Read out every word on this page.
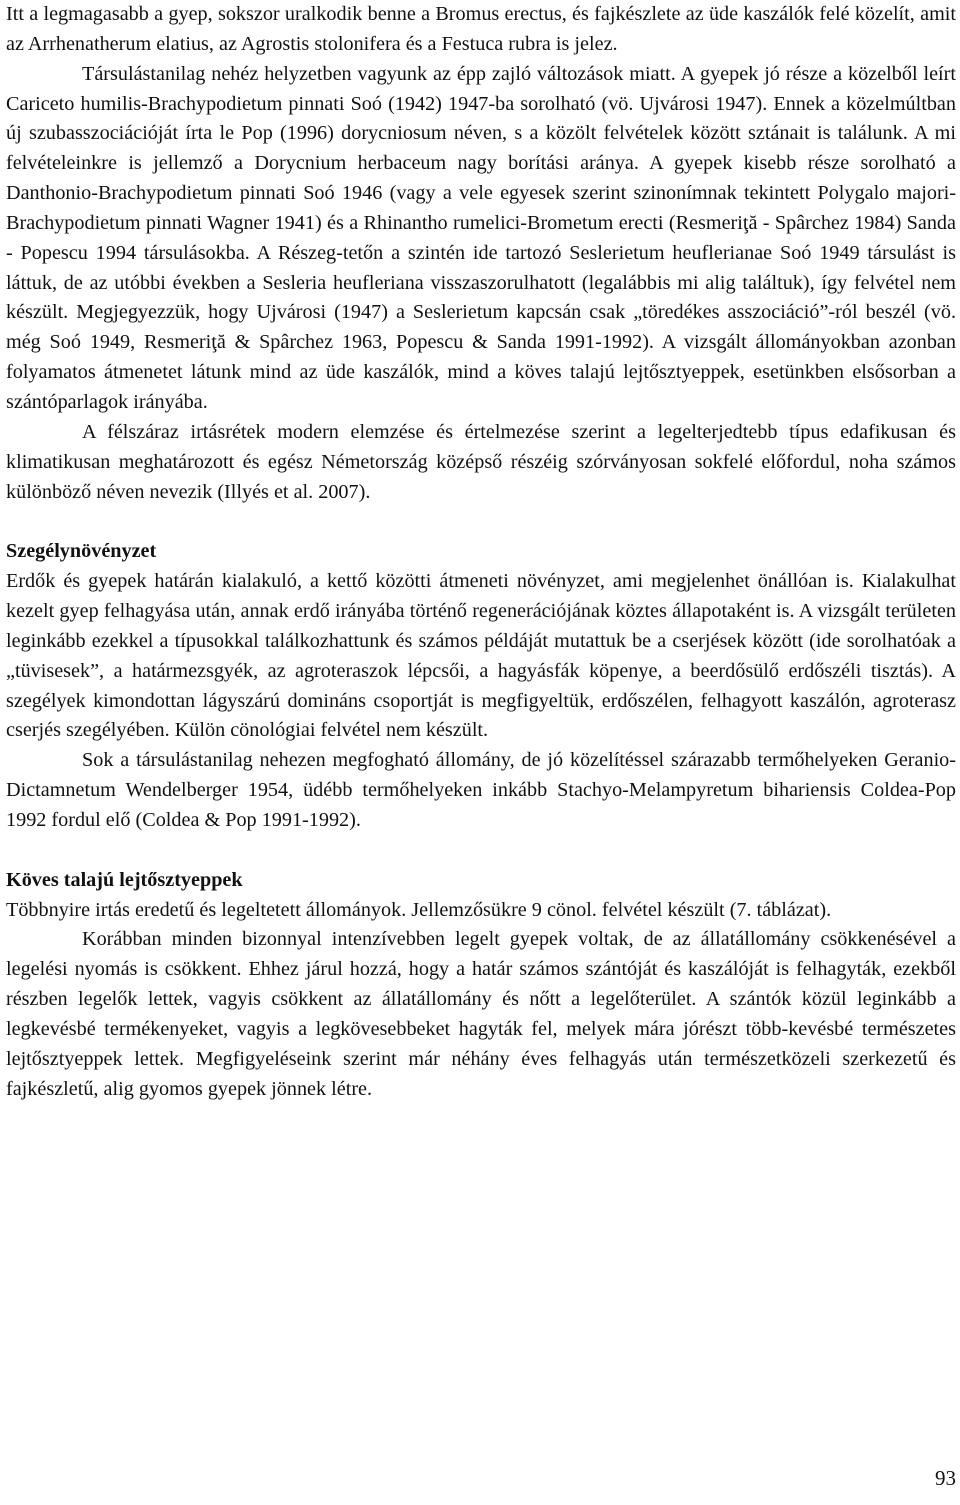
Itt a legmagasabb a gyep, sokszor uralkodik benne a Bromus erectus, és fajkészlete az üde kaszálók felé közelít, amit az Arrhenatherum elatius, az Agrostis stolonifera és a Festuca rubra is jelez.

Társulástanilag nehéz helyzetben vagyunk az épp zajló változások miatt. A gyepek jó része a közelből leírt Cariceto humilis-Brachypodietum pinnati Soó (1942) 1947-ba sorolható (vö. Ujvárosi 1947). Ennek a közelmúltban új szubasszociációját írta le Pop (1996) dorycniosum néven, s a közölt felvételek között sztánait is találunk. A mi felvételeinkre is jellemző a Dorycnium herbaceum nagy borítási aránya. A gyepek kisebb része sorolható a Danthonio-Brachypodietum pinnati Soó 1946 (vagy a vele egyesek szerint szinonímnak tekintett Polygalo majori-Brachypodietum pinnati Wagner 1941) és a Rhinantho rumelici-Brometum erecti (Resmeriţă - Spârchez 1984) Sanda - Popescu 1994 társulásokba. A Részeg-tetőn a szintén ide tartozó Seslerietum heuflerianae Soó 1949 társulást is láttuk, de az utóbbi években a Sesleria heufleriana visszaszorulhatott (legalábbis mi alig találtuk), így felvétel nem készült. Megjegyezzük, hogy Ujvárosi (1947) a Seslerietum kapcsán csak „töredékes asszociáció”-ról beszél (vö. még Soó 1949, Resmeriţă & Spârchez 1963, Popescu & Sanda 1991-1992). A vizsgált állományokban azonban folyamatos átmenetet látunk mind az üde kaszálók, mind a köves talajú lejtősztyeppek, esetünkben elsősorban a szántóparlagok irányába.

A félszáraz irtásrétek modern elemzése és értelmezése szerint a legelterjedtebb típus edafikusan és klimatikusan meghatározott és egész Németország középső részéig szórványosan sokfelé előfordul, noha számos különböző néven nevezik (Illyés et al. 2007).

Szegélynövényzet

Erdők és gyepek határán kialakuló, a kettő közötti átmeneti növényzet, ami megjelenhet önállóan is. Kialakulhat kezelt gyep felhagyása után, annak erdő irányába történő regenerációjának köztes állapotaként is. A vizsgált területen leginkább ezekkel a típusokkal találkozhattunk és számos példáját mutattuk be a cserjések között (ide sorolhatóak a „tüvisesek”, a határmezsgyék, az agroteraszok lépcsői, a hagyásfák köpenye, a beerdősülő erdőszéli tisztás). A szegélyek kimondottan lágyszárú domináns csoportját is megfigyeltük, erdőszélen, felhagyott kaszálón, agroterasz cserjés szegélyében. Külön cönológiai felvétel nem készült.

Sok a társulástanilag nehezen megfogható állomány, de jó közelítéssel szárazabb termőhelyeken Geranio-Dictamnetum Wendelberger 1954, üdébb termőhelyeken inkább Stachyo-Melampyretum bihariensis Coldea-Pop 1992 fordul elő (Coldea & Pop 1991-1992).

Köves talajú lejtősztyeppek

Többnyire irtás eredetű és legeltetett állományok. Jellemzősükre 9 cönol. felvétel készült (7. táblázat).

Korábban minden bizonnyal intenzívebben legelt gyepek voltak, de az állatállomány csökkenésével a legelési nyomás is csökkent. Ehhez járul hozzá, hogy a határ számos szántóját és kaszálóját is felhagyták, ezekből részben legelők lettek, vagyis csökkent az állatállomány és nőtt a legelőterület. A szántók közül leginkább a legkevésbé termékenyeket, vagyis a legkövesebbeket hagyták fel, melyek mára jórészt több-kevésbé természetes lejtősztyeppek lettek. Megfigyeléseink szerint már néhány éves felhagyás után természetközeli szerkezetű és fajkészletű, alig gyomos gyepek jönnek létre.

93
